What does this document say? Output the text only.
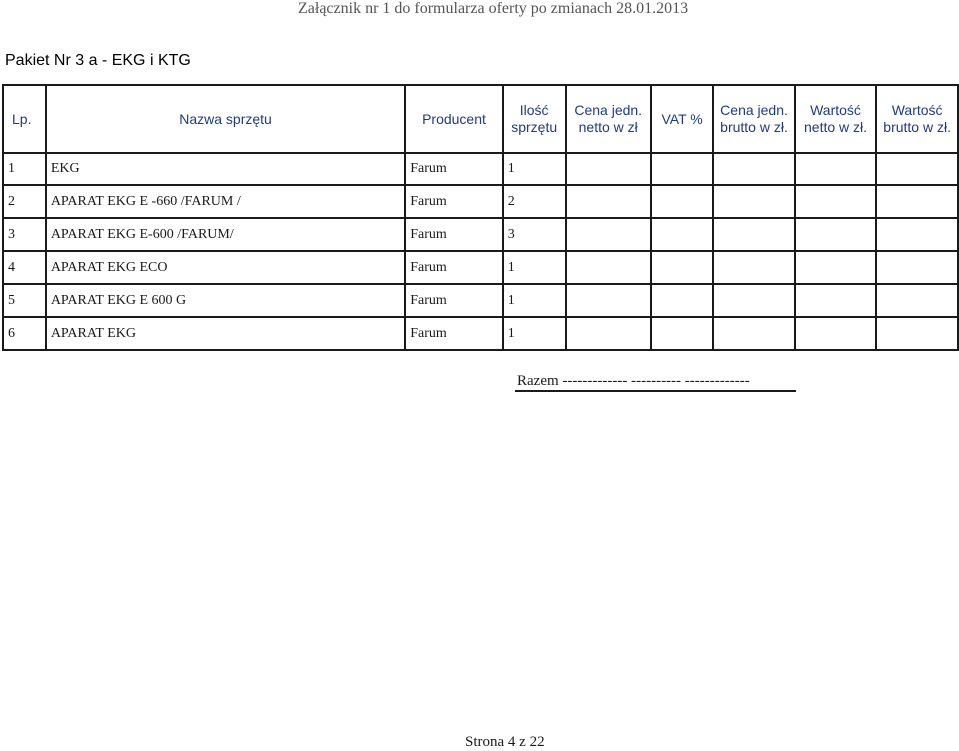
Załącznik nr 1 do formularza oferty po zmianach 28.01.2013
Pakiet Nr 3 a - EKG i KTG
Lp.	Nazwa sprzętu	Producent	Ilość sprzętu	Cena jedn. netto w zł	VAT %	Cena jedn. brutto w zł.	Wartość netto w zł.	Wartość brutto w zł.
1	EKG	Farum	1					
2	APARAT EKG E -660 /FARUM /	Farum	2					
3	APARAT EKG E-600 /FARUM/	Farum	3					
4	APARAT EKG ECO	Farum	1					
5	APARAT EKG E 600 G	Farum	1					
6	APARAT EKG	Farum	1					
Razem ------------- ---------- -------------
Strona 4 z 22
